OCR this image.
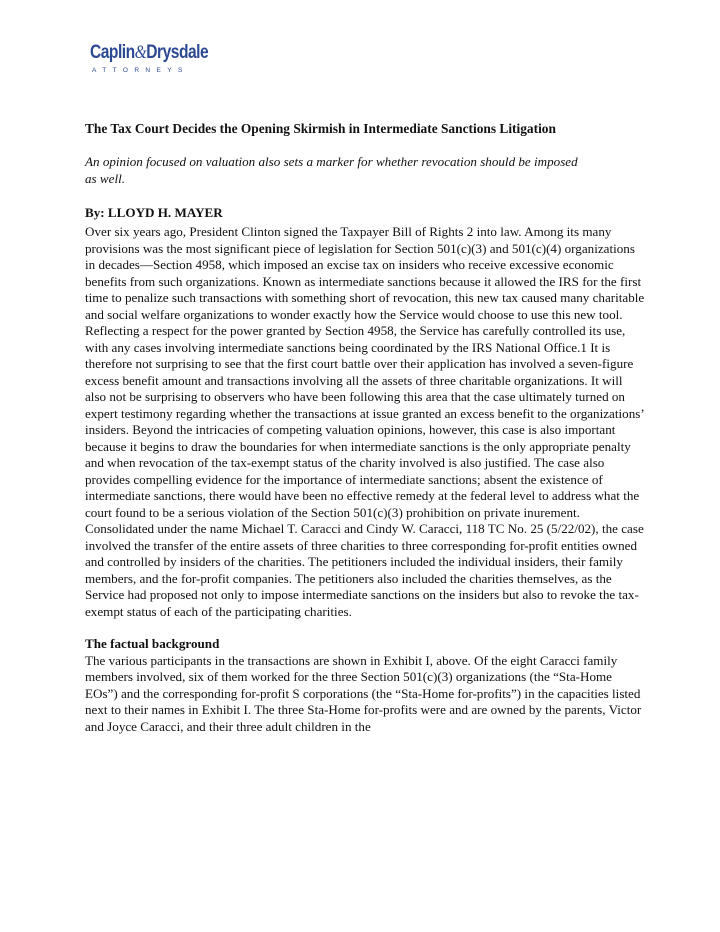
Caplin&Drysdale
ATTORNEYS
The Tax Court Decides the Opening Skirmish in Intermediate Sanctions Litigation

An opinion focused on valuation also sets a marker for whether revocation should be imposed as well.

By: LLOYD H. MAYER

Over six years ago, President Clinton signed the Taxpayer Bill of Rights 2 into law. Among its many provisions was the most significant piece of legislation for Section 501(c)(3) and 501(c)(4) organizations in decades—Section 4958, which imposed an excise tax on insiders who receive excessive economic benefits from such organizations. Known as intermediate sanctions because it allowed the IRS for the first time to penalize such transactions with something short of revocation, this new tax caused many charitable and social welfare organizations to wonder exactly how the Service would choose to use this new tool.

Reflecting a respect for the power granted by Section 4958, the Service has carefully controlled its use, with any cases involving intermediate sanctions being coordinated by the IRS National Office.1 It is therefore not surprising to see that the first court battle over their application has involved a seven-figure excess benefit amount and transactions involving all the assets of three charitable organizations. It will also not be surprising to observers who have been following this area that the case ultimately turned on expert testimony regarding whether the transactions at issue granted an excess benefit to the organizations’ insiders. Beyond the intricacies of competing valuation opinions, however, this case is also important because it begins to draw the boundaries for when intermediate sanctions is the only appropriate penalty and when revocation of the tax-exempt status of the charity involved is also justified. The case also provides compelling evidence for the importance of intermediate sanctions; absent the existence of intermediate sanctions, there would have been no effective remedy at the federal level to address what the court found to be a serious violation of the Section 501(c)(3) prohibition on private inurement.

Consolidated under the name Michael T. Caracci and Cindy W. Caracci, 118 TC No. 25 (5/22/02), the case involved the transfer of the entire assets of three charities to three corresponding for-profit entities owned and controlled by insiders of the charities. The petitioners included the individual insiders, their family members, and the for-profit companies. The petitioners also included the charities themselves, as the Service had proposed not only to impose intermediate sanctions on the insiders but also to revoke the tax-exempt status of each of the participating charities.

The factual background

The various participants in the transactions are shown in Exhibit I, above. Of the eight Caracci family members involved, six of them worked for the three Section 501(c)(3) organizations (the “Sta-Home EOs”) and the corresponding for-profit S corporations (the “Sta-Home for-profits”) in the capacities listed next to their names in Exhibit I. The three Sta-Home for-profits were and are owned by the parents, Victor and Joyce Caracci, and their three adult children in the
